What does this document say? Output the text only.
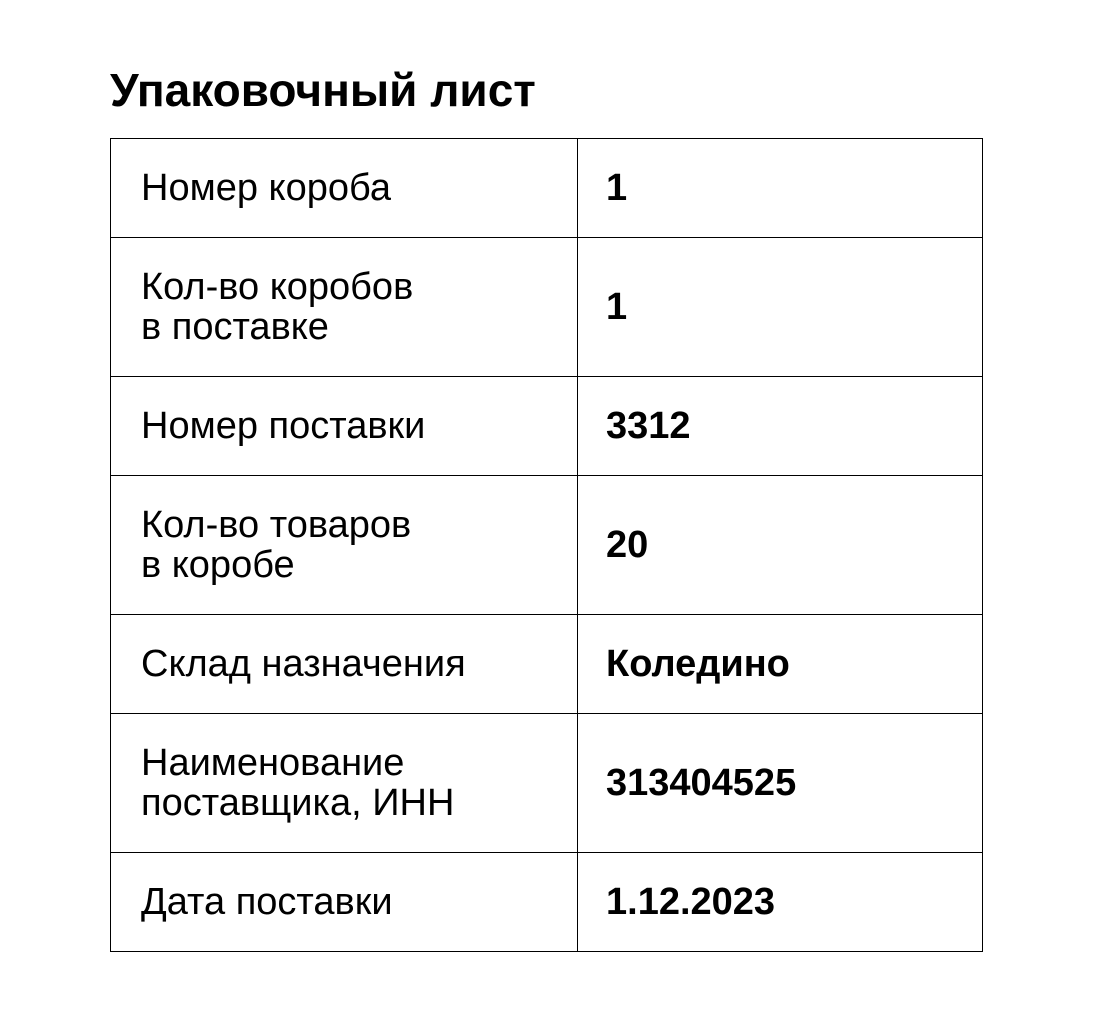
Упаковочный лист
Номер короба	1
Кол-во коробов
в поставке	1
Номер поставки	3312
Кол-во товаров
в коробе	20
Склад назначения	Коледино
Наименование
поставщика, ИНН	313404525
Дата поставки	1.12.2023
